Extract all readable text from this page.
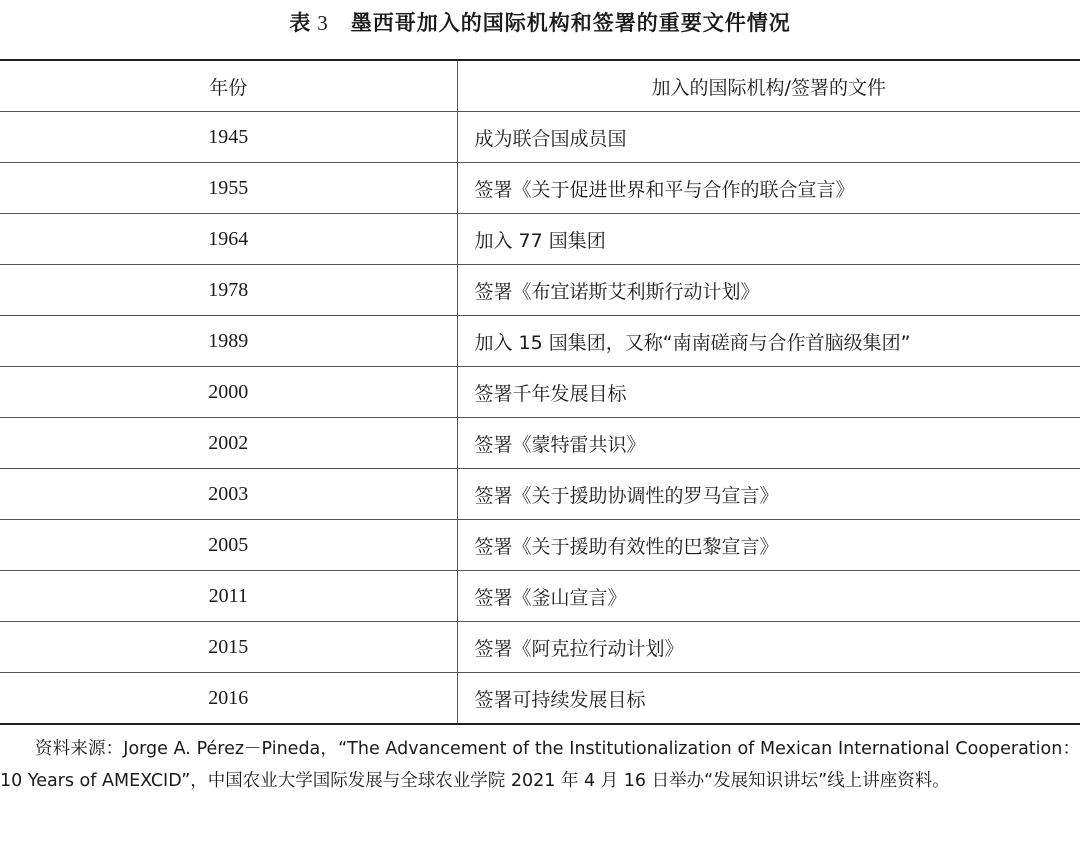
表 3 墨西哥加入的国际机构和签署的重要文件情况
年份	加入的国际机构/签署的文件
1945	成为联合国成员国
1955	签署《关于促进世界和平与合作的联合宣言》
1964	加入 77 国集团
1978	签署《布宜诺斯艾利斯行动计划》
1989	加入 15 国集团，又称“南南磋商与合作首脑级集团”
2000	签署千年发展目标
2002	签署《蒙特雷共识》
2003	签署《关于援助协调性的罗马宣言》
2005	签署《关于援助有效性的巴黎宣言》
2011	签署《釜山宣言》
2015	签署《阿克拉行动计划》
2016	签署可持续发展目标
资料来源：Jorge A. Pérez－Pineda，“The Advancement of the Institutionalization of Mexican International Cooperation：10 Years of AMEXCID”，中国农业大学国际发展与全球农业学院 2021 年 4 月 16 日举办“发展知识讲坛”线上讲座资料。
